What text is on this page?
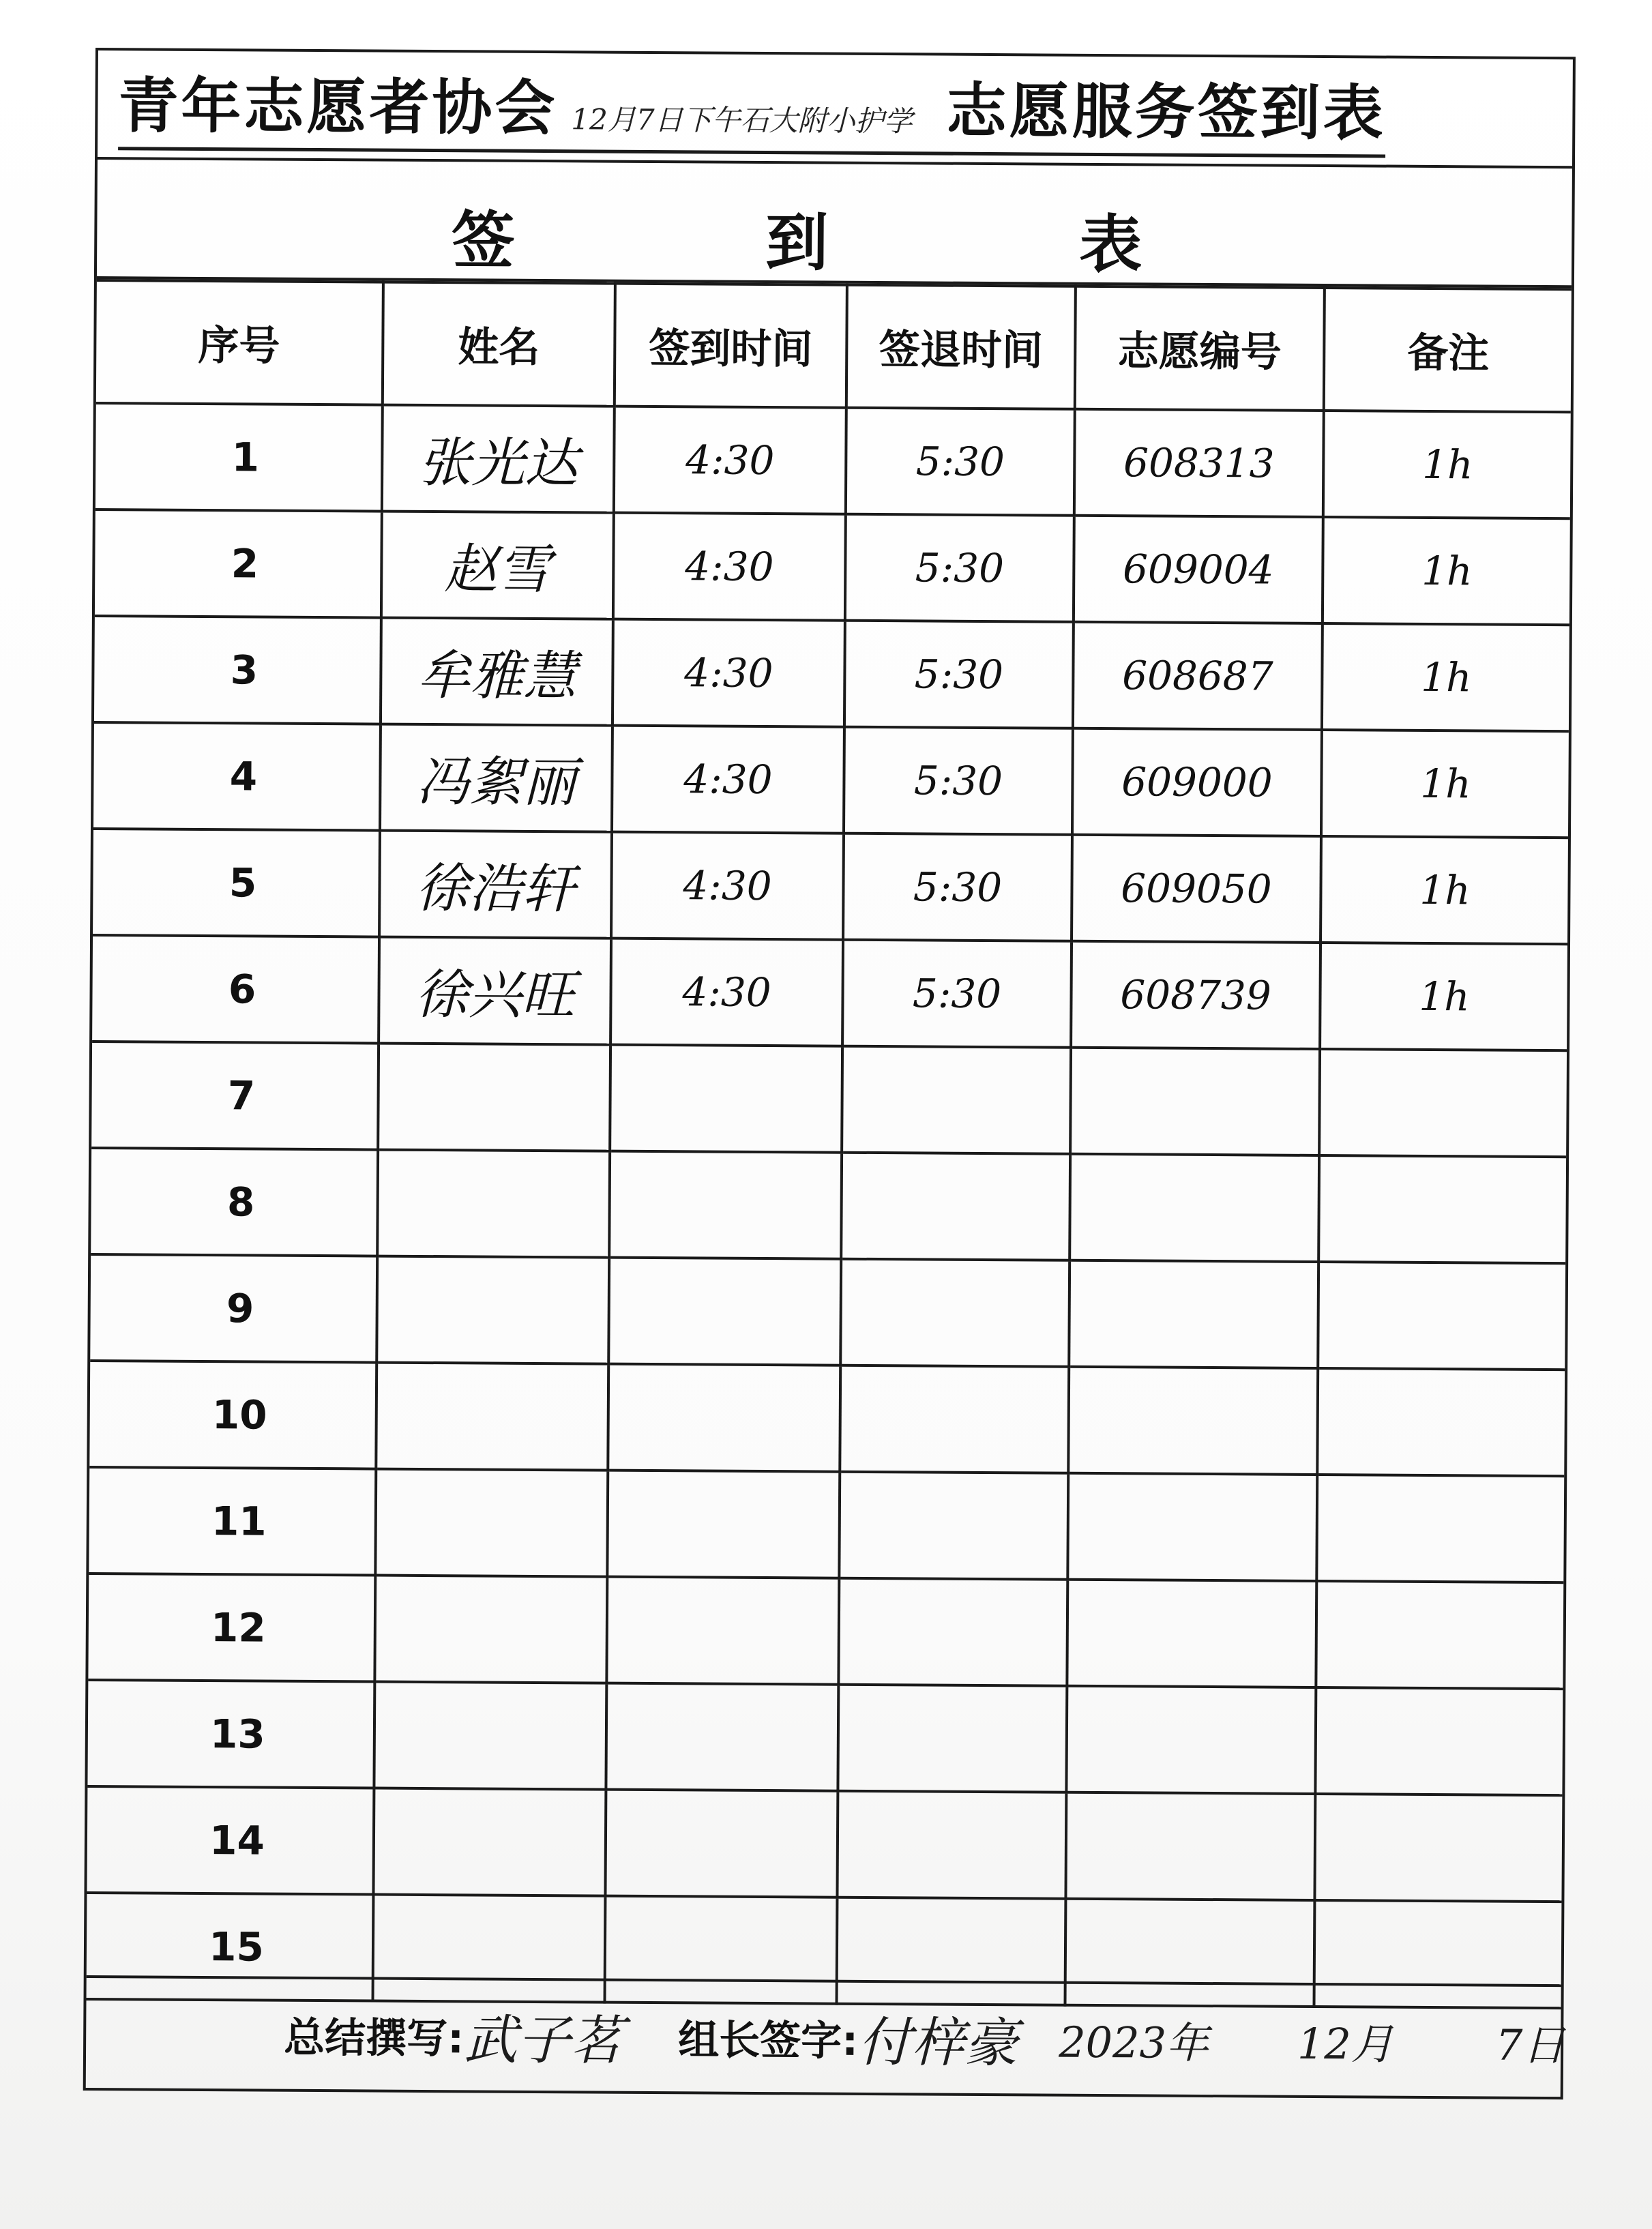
青年志愿者协会 12月7日下午石大附小护学 志愿服务签到表
签	到	表
序号	姓名	签到时间	签退时间	志愿编号	备注
1	张光达	4:30	5:30	608313	1h
2	赵雪	4:30	5:30	609004	1h
3	牟雅慧	4:30	5:30	608687	1h
4	冯絮丽	4:30	5:30	609000	1h
5	徐浩轩	4:30	5:30	609050	1h
6	徐兴旺	4:30	5:30	608739	1h
7					
8					
9					
10					
11					
12					
13					
14					
15					
总结撰写: 武子茗 组长签字: 付梓豪 2023年 12月 7日
